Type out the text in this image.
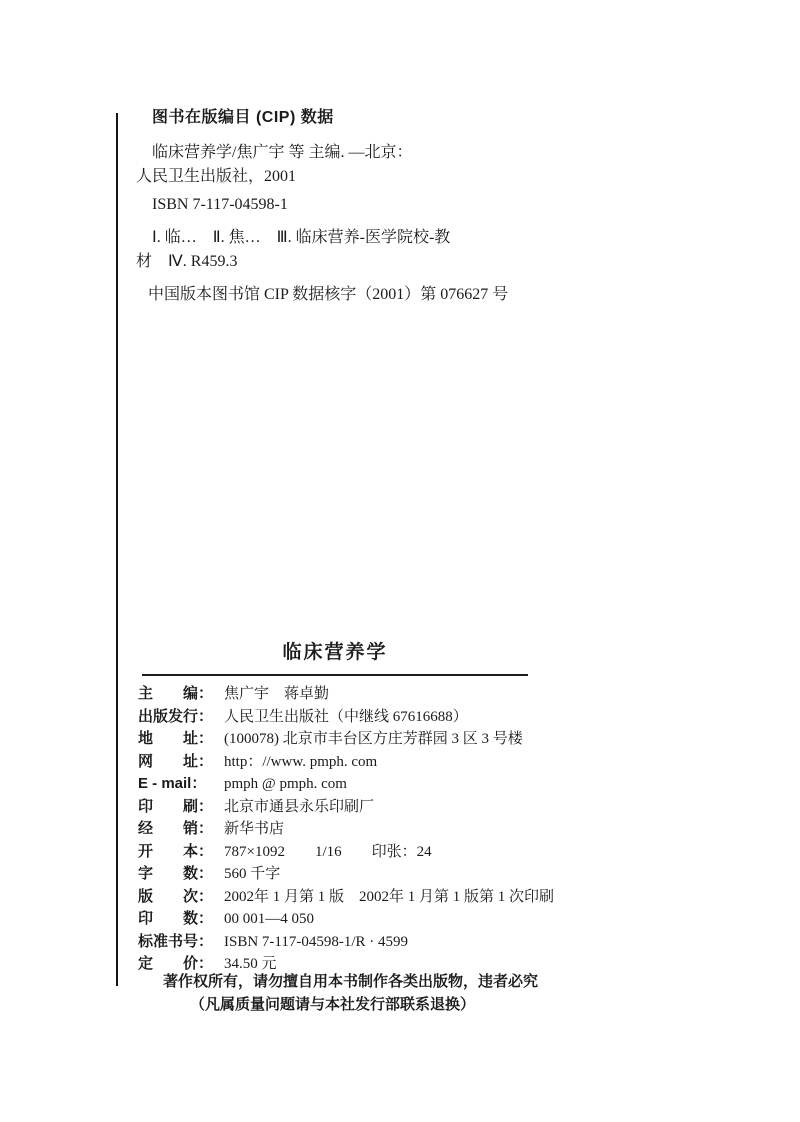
图书在版编目 (CIP) 数据
临床营养学/焦广宇 等 主编. —北京：
人民卫生出版社，2001
ISBN 7-117-04598-1
Ⅰ. 临…　Ⅱ. 焦…　Ⅲ. 临床营养-医学院校-教
材　Ⅳ. R459.3
中国版本图书馆 CIP 数据核字（2001）第 076627 号
临床营养学
主　　编： 焦广宇　蒋卓勤
出版发行： 人民卫生出版社（中继线 67616688）
地　　址： (100078) 北京市丰台区方庄芳群园 3 区 3 号楼
网　　址： http：//www. pmph. com
E - mail： pmph @ pmph. com
印　　刷： 北京市通县永乐印刷厂
经　　销： 新华书店
开　　本： 787×1092　　1/16　　印张：24
字　　数： 560 千字
版　　次： 2002年 1 月第 1 版　2002年 1 月第 1 版第 1 次印刷
印　　数： 00 001—4 050
标准书号： ISBN 7-117-04598-1/R · 4599
定　　价： 34.50 元
著作权所有，请勿擅自用本书制作各类出版物，违者必究
（凡属质量问题请与本社发行部联系退换）
